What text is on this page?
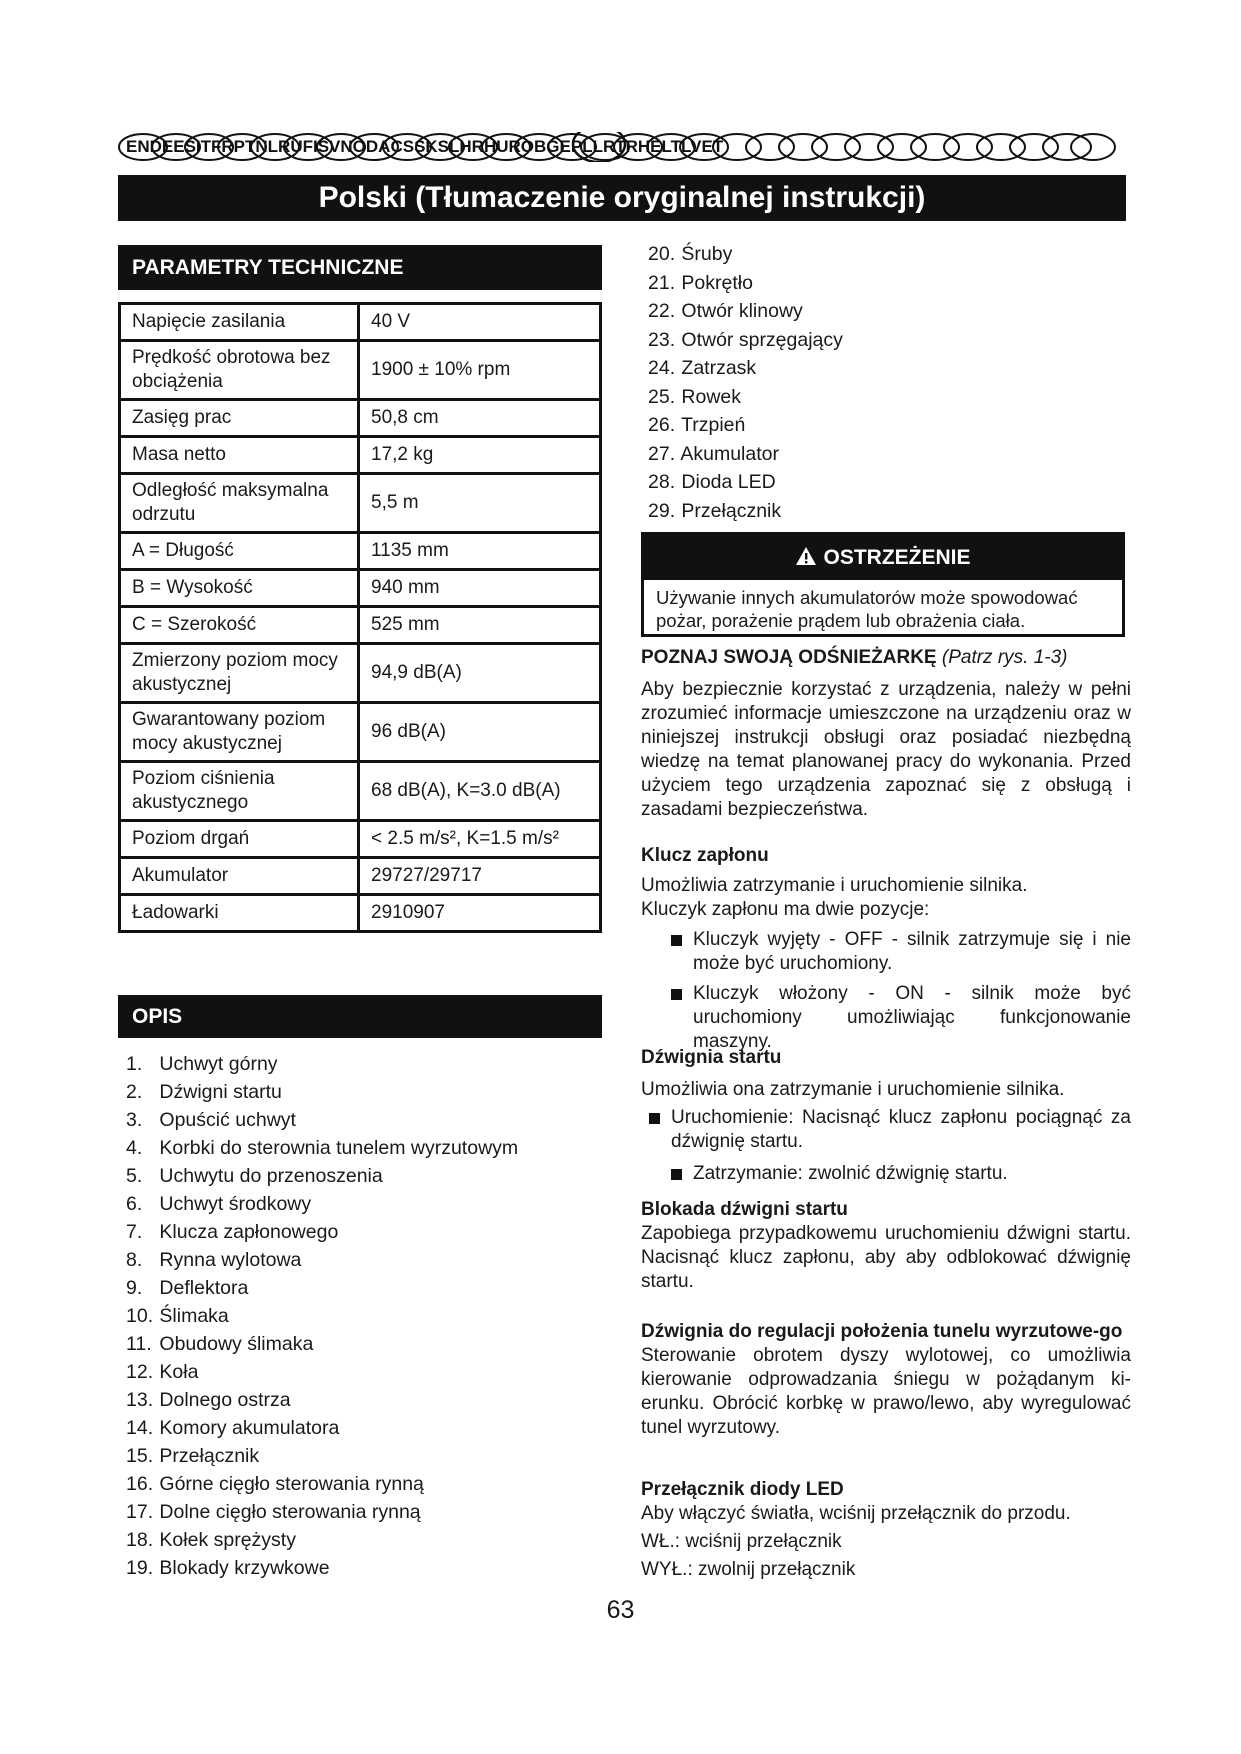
ENDEESITFRPTNLRUFISVNODACSSKSLHRHUROBGEPLLRTRHELTLVET
Polski (Tłumaczenie oryginalnej instrukcji)
PARAMETRY TECHNICZNE
Napięcie zasilania	40 V
Prędkość obrotowa bez obciążenia	1900 ± 10% rpm
Zasięg prac	50,8 cm
Masa netto	17,2 kg
Odległość maksymalna odrzutu	5,5 m
A = Długość	1135 mm
B = Wysokość	940 mm
C = Szerokość	525 mm
Zmierzony poziom mocy akustycznej	94,9 dB(A)
Gwarantowany poziom mocy akustycznej	96 dB(A)
Poziom ciśnienia akustycznego	68 dB(A), K=3.0 dB(A)
Poziom drgań	< 2.5 m/s², K=1.5 m/s²
Akumulator	29727/29717
Ładowarki	2910907
OPIS
1. Uchwyt górny
2. Dźwigni startu
3. Opuścić uchwyt
4. Korbki do sterownia tunelem wyrzutowym
5. Uchwytu do przenoszenia
6. Uchwyt środkowy
7. Klucza zapłonowego
8. Rynna wylotowa
9. Deflektora
10. Ślimaka
11. Obudowy ślimaka
12. Koła
13. Dolnego ostrza
14. Komory akumulatora
15. Przełącznik
16. Górne cięgło sterowania rynną
17. Dolne cięgło sterowania rynną
18. Kołek sprężysty
19. Blokady krzywkowe
20. Śruby
21. Pokrętło
22. Otwór klinowy
23. Otwór sprzęgający
24. Zatrzask
25. Rowek
26. Trzpień
27. Akumulator
28. Dioda LED
29. Przełącznik
OSTRZEŻENIE
Używanie innych akumulatorów może spowodować pożar, porażenie prądem lub obrażenia ciała.
POZNAJ SWOJĄ ODŚNIEŻARKĘ (Patrz rys. 1-3)
Aby bezpiecznie korzystać z urządzenia, należy w pełni zrozumieć informacje umieszczone na urządzeniu oraz w niniejszej instrukcji obsługi oraz posiadać niezbędną wiedzę na temat planowanej pracy do wykonania. Przed użyciem tego urządzenia zapoznać się z obsługą i zasadami bezpieczeństwa.
Klucz zapłonu
Umożliwia zatrzymanie i uruchomienie silnika.
Kluczyk zapłonu ma dwie pozycje:
Kluczyk wyjęty - OFF - silnik zatrzymuje się i nie może być uruchomiony.
Kluczyk włożony - ON - silnik może być uruchomiony umożliwiając funkcjonowanie maszyny.
Dźwignia startu
Umożliwia ona zatrzymanie i uruchomienie silnika.
Uruchomienie: Nacisnąć klucz zapłonu pociągnąć za dźwignię startu.
Zatrzymanie: zwolnić dźwignię startu.
Blokada dźwigni startu
Zapobiega przypadkowemu uruchomieniu dźwigni startu. Nacisnąć klucz zapłonu, aby aby odblokować dźwignię startu.
Dźwignia do regulacji położenia tunelu wyrzutowe-go
Sterowanie obrotem dyszy wylotowej, co umożliwia kierowanie odprowadzania śniegu w pożądanym ki-erunku. Obrócić korbkę w prawo/lewo, aby wyregulować tunel wyrzutowy.
Przełącznik diody LED
Aby włączyć światła, wciśnij przełącznik do przodu.
WŁ.: wciśnij przełącznik
WYŁ.: zwolnij przełącznik
63
